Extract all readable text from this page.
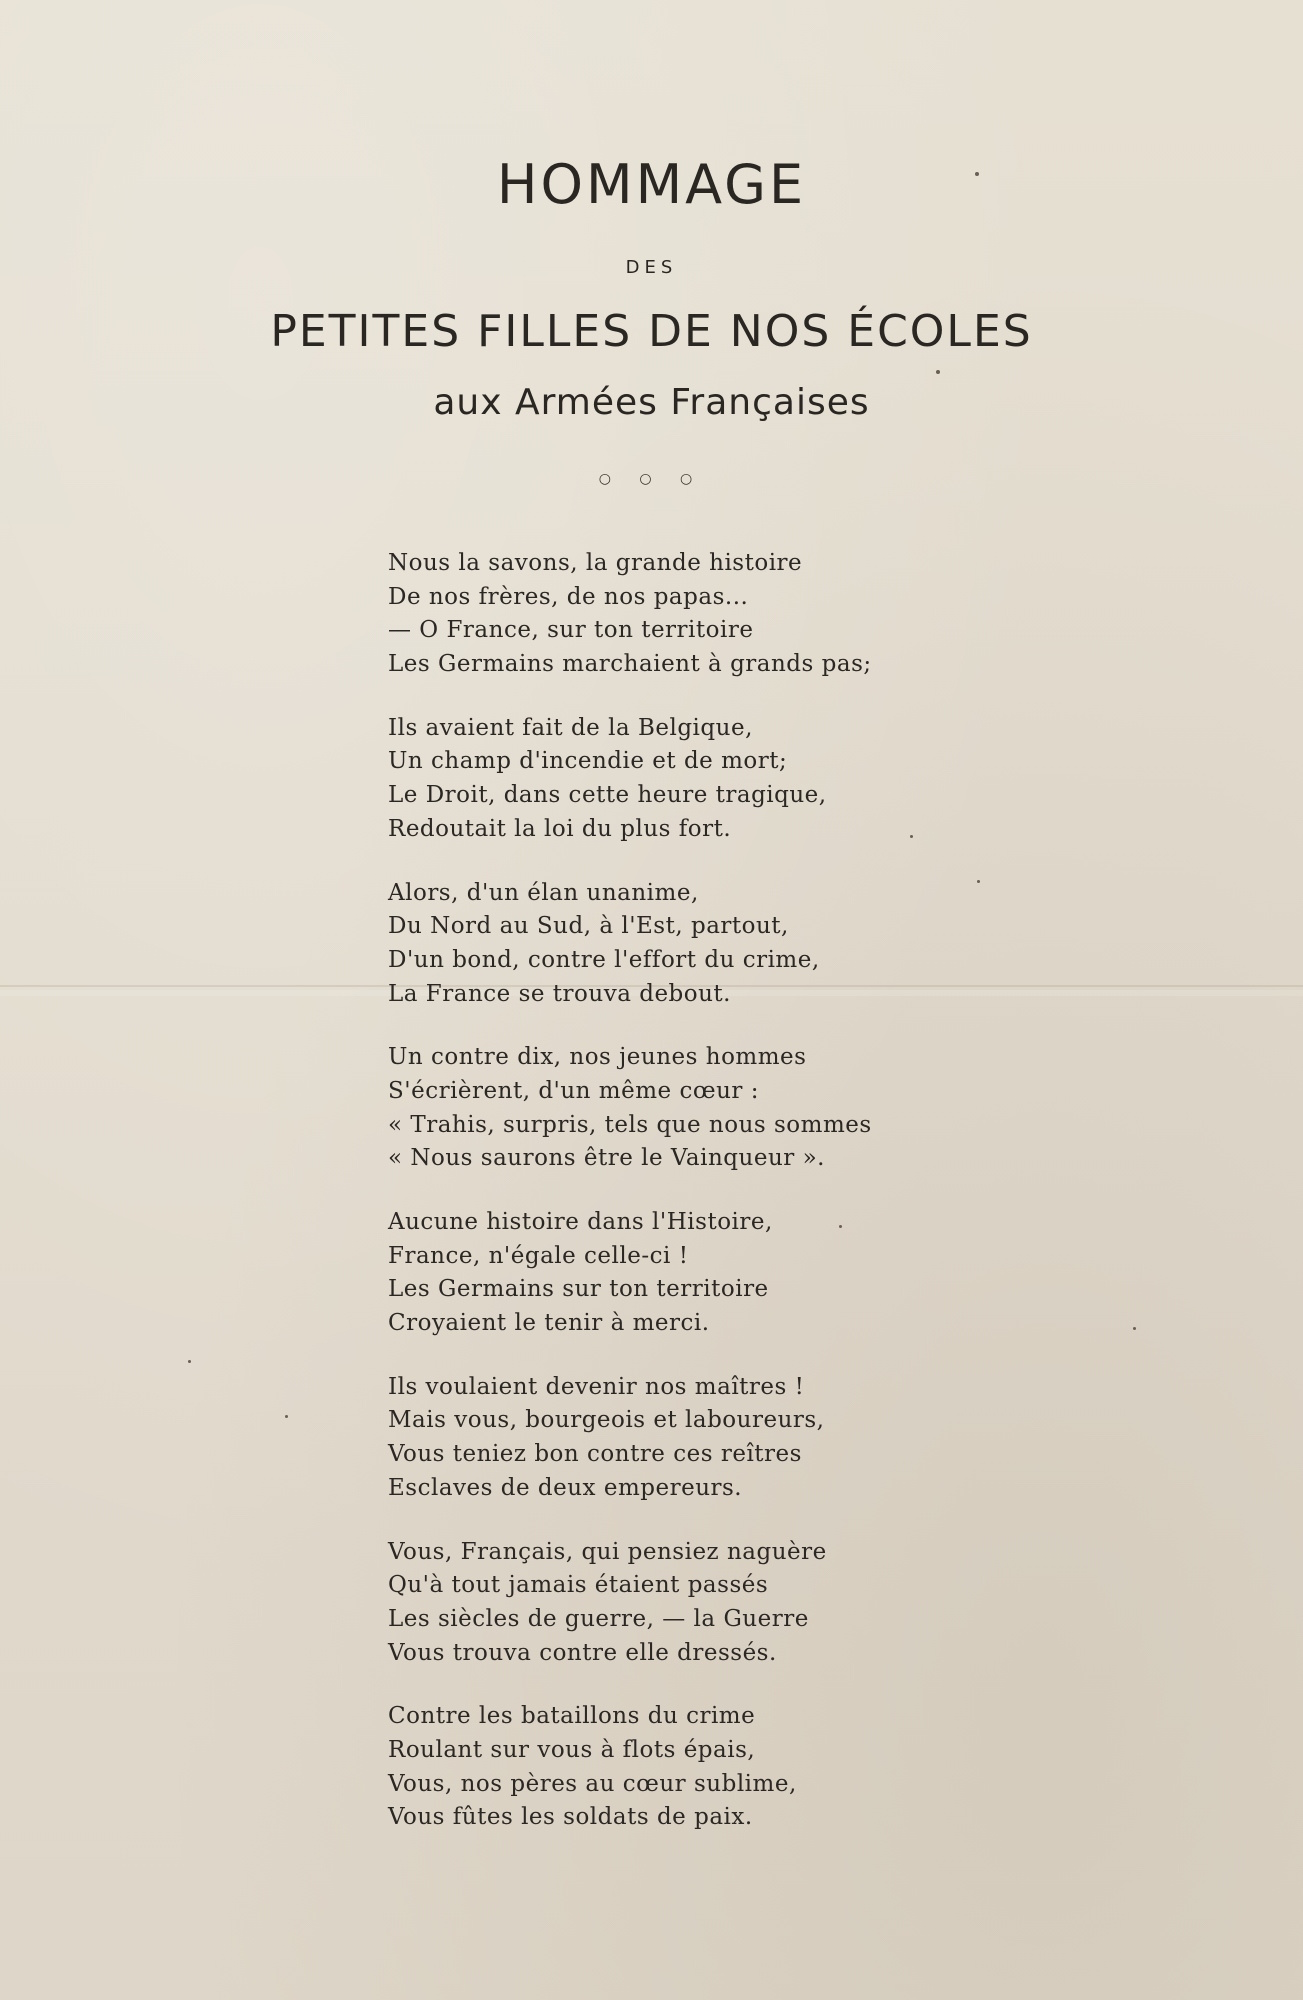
HOMMAGE
DES
PETITES FILLES DE NOS ÉCOLES
aux Armées Françaises
○ ○ ○
Nous la savons, la grande histoire
De nos frères, de nos papas...
— O France, sur ton territoire
Les Germains marchaient à grands pas;
Ils avaient fait de la Belgique,
Un champ d'incendie et de mort;
Le Droit, dans cette heure tragique,
Redoutait la loi du plus fort.
Alors, d'un élan unanime,
Du Nord au Sud, à l'Est, partout,
D'un bond, contre l'effort du crime,
La France se trouva debout.
Un contre dix, nos jeunes hommes
S'écrièrent, d'un même cœur :
« Trahis, surpris, tels que nous sommes
« Nous saurons être le Vainqueur ».
Aucune histoire dans l'Histoire,
France, n'égale celle-ci !
Les Germains sur ton territoire
Croyaient le tenir à merci.
Ils voulaient devenir nos maîtres !
Mais vous, bourgeois et laboureurs,
Vous teniez bon contre ces reîtres
Esclaves de deux empereurs.
Vous, Français, qui pensiez naguère
Qu'à tout jamais étaient passés
Les siècles de guerre, — la Guerre
Vous trouva contre elle dressés.
Contre les bataillons du crime
Roulant sur vous à flots épais,
Vous, nos pères au cœur sublime,
Vous fûtes les soldats de paix.
